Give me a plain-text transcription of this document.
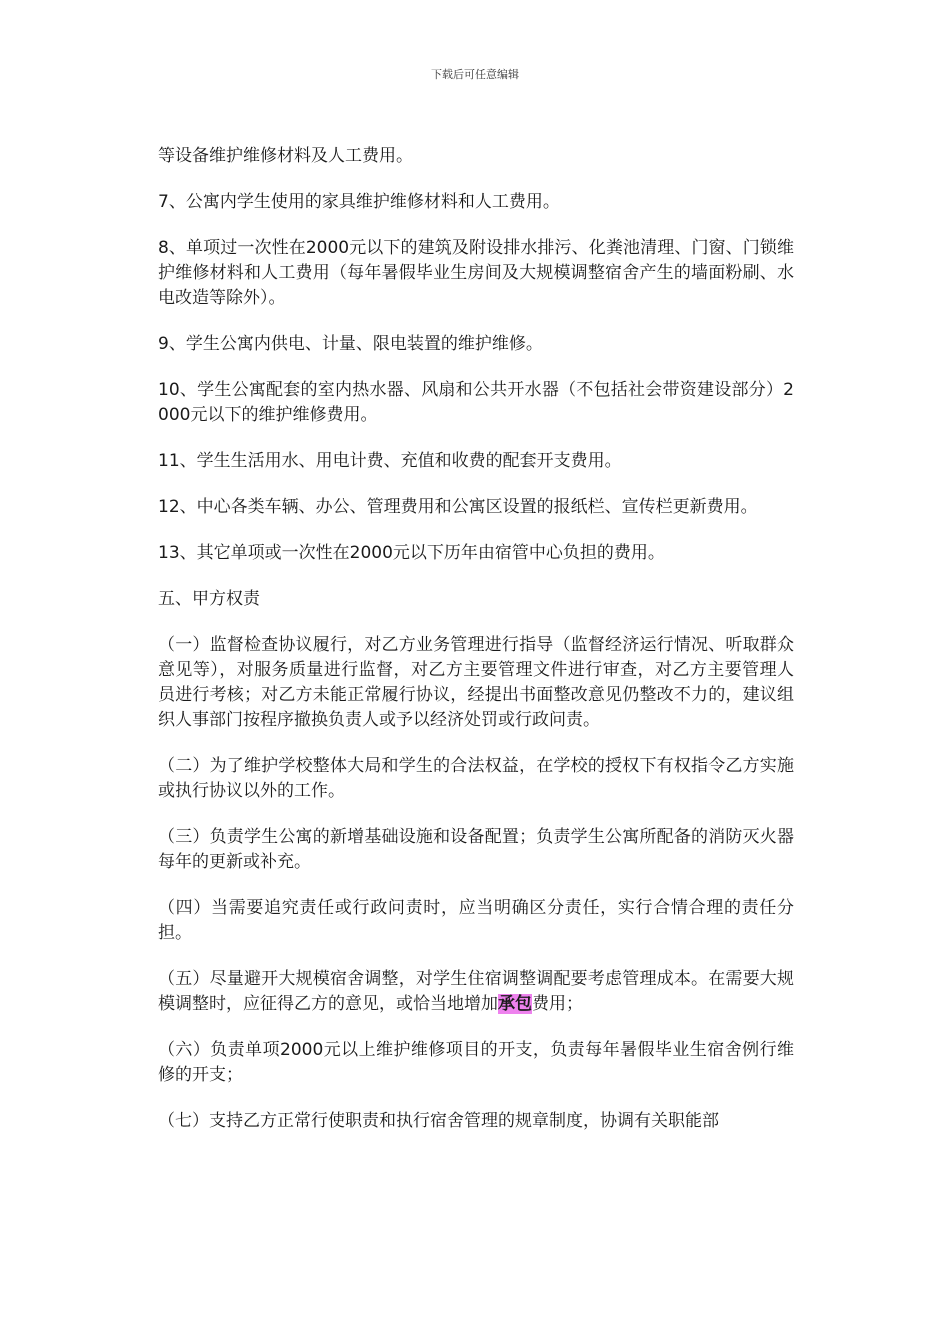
下载后可任意编辑

等设备维护维修材料及人工费用。

7、公寓内学生使用的家具维护维修材料和人工费用。

8、单项过一次性在2000元以下的建筑及附设排水排污、化粪池清理、门窗、门锁维护维修材料和人工费用（每年暑假毕业生房间及大规模调整宿舍产生的墙面粉刷、水电改造等除外）。

9、学生公寓内供电、计量、限电装置的维护维修。

10、学生公寓配套的室内热水器、风扇和公共开水器（不包括社会带资建设部分）2000元以下的维护维修费用。

11、学生生活用水、用电计费、充值和收费的配套开支费用。

12、中心各类车辆、办公、管理费用和公寓区设置的报纸栏、宣传栏更新费用。

13、其它单项或一次性在2000元以下历年由宿管中心负担的费用。

五、甲方权责

（一）监督检查协议履行，对乙方业务管理进行指导（监督经济运行情况、听取群众意见等），对服务质量进行监督，对乙方主要管理文件进行审查，对乙方主要管理人员进行考核；对乙方未能正常履行协议，经提出书面整改意见仍整改不力的，建议组织人事部门按程序撤换负责人或予以经济处罚或行政问责。

（二）为了维护学校整体大局和学生的合法权益，在学校的授权下有权指令乙方实施或执行协议以外的工作。

（三）负责学生公寓的新增基础设施和设备配置；负责学生公寓所配备的消防灭火器每年的更新或补充。

（四）当需要追究责任或行政问责时，应当明确区分责任，实行合情合理的责任分担。

（五）尽量避开大规模宿舍调整，对学生住宿调整调配要考虑管理成本。在需要大规模调整时，应征得乙方的意见，或恰当地增加承包费用；

（六）负责单项2000元以上维护维修项目的开支，负责每年暑假毕业生宿舍例行维修的开支；

（七）支持乙方正常行使职责和执行宿舍管理的规章制度，协调有关职能部
